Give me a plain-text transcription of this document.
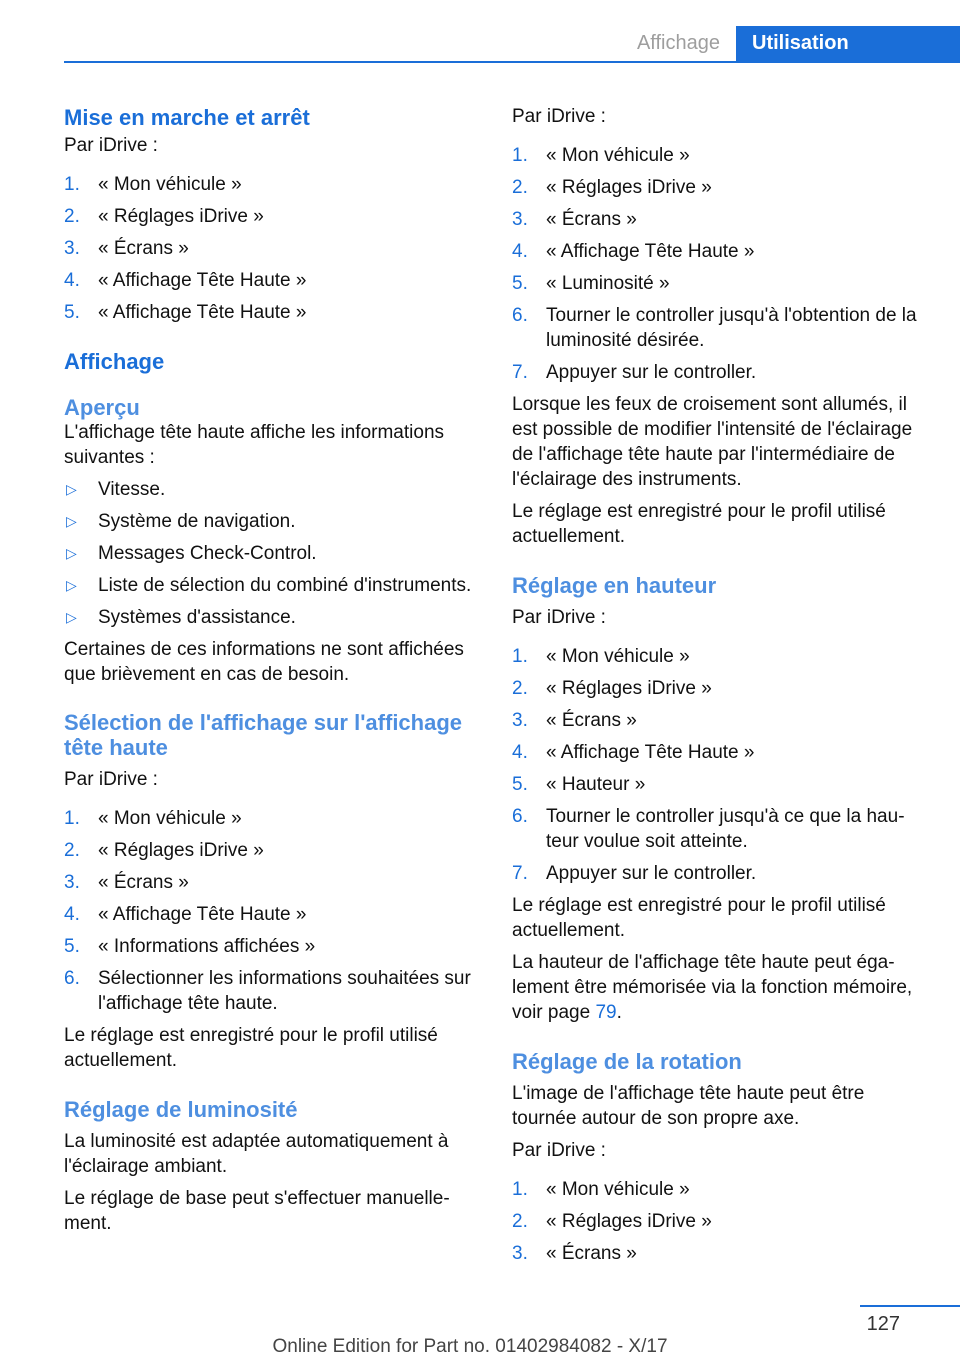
Affichage	Utilisation
Mise en marche et arrêt
Par iDrive :
1. « Mon véhicule »
2. « Réglages iDrive »
3. « Écrans »
4. « Affichage Tête Haute »
5. « Affichage Tête Haute »
Affichage
Aperçu
L'affichage tête haute affiche les informations suivantes :
▷ Vitesse.
▷ Système de navigation.
▷ Messages Check-Control.
▷ Liste de sélection du combiné d'instruments.
▷ Systèmes d'assistance.
Certaines de ces informations ne sont affichées que brièvement en cas de besoin.
Sélection de l'affichage sur l'affichage tête haute
Par iDrive :
1. « Mon véhicule »
2. « Réglages iDrive »
3. « Écrans »
4. « Affichage Tête Haute »
5. « Informations affichées »
6. Sélectionner les informations souhaitées sur l'affichage tête haute.
Le réglage est enregistré pour le profil utilisé actuellement.
Réglage de luminosité
La luminosité est adaptée automatiquement à l'éclairage ambiant.
Le réglage de base peut s'effectuer manuellement.
Par iDrive :
1. « Mon véhicule »
2. « Réglages iDrive »
3. « Écrans »
4. « Affichage Tête Haute »
5. « Luminosité »
6. Tourner le controller jusqu'à l'obtention de la luminosité désirée.
7. Appuyer sur le controller.
Lorsque les feux de croisement sont allumés, il est possible de modifier l'intensité de l'éclairage de l'affichage tête haute par l'intermédiaire de l'éclairage des instruments.
Le réglage est enregistré pour le profil utilisé actuellement.
Réglage en hauteur
Par iDrive :
1. « Mon véhicule »
2. « Réglages iDrive »
3. « Écrans »
4. « Affichage Tête Haute »
5. « Hauteur »
6. Tourner le controller jusqu'à ce que la hauteur voulue soit atteinte.
7. Appuyer sur le controller.
Le réglage est enregistré pour le profil utilisé actuellement.
La hauteur de l'affichage tête haute peut également être mémorisée via la fonction mémoire, voir page 79.
Réglage de la rotation
L'image de l'affichage tête haute peut être tournée autour de son propre axe.
Par iDrive :
1. « Mon véhicule »
2. « Réglages iDrive »
3. « Écrans »
127
Online Edition for Part no. 01402984082 - X/17
